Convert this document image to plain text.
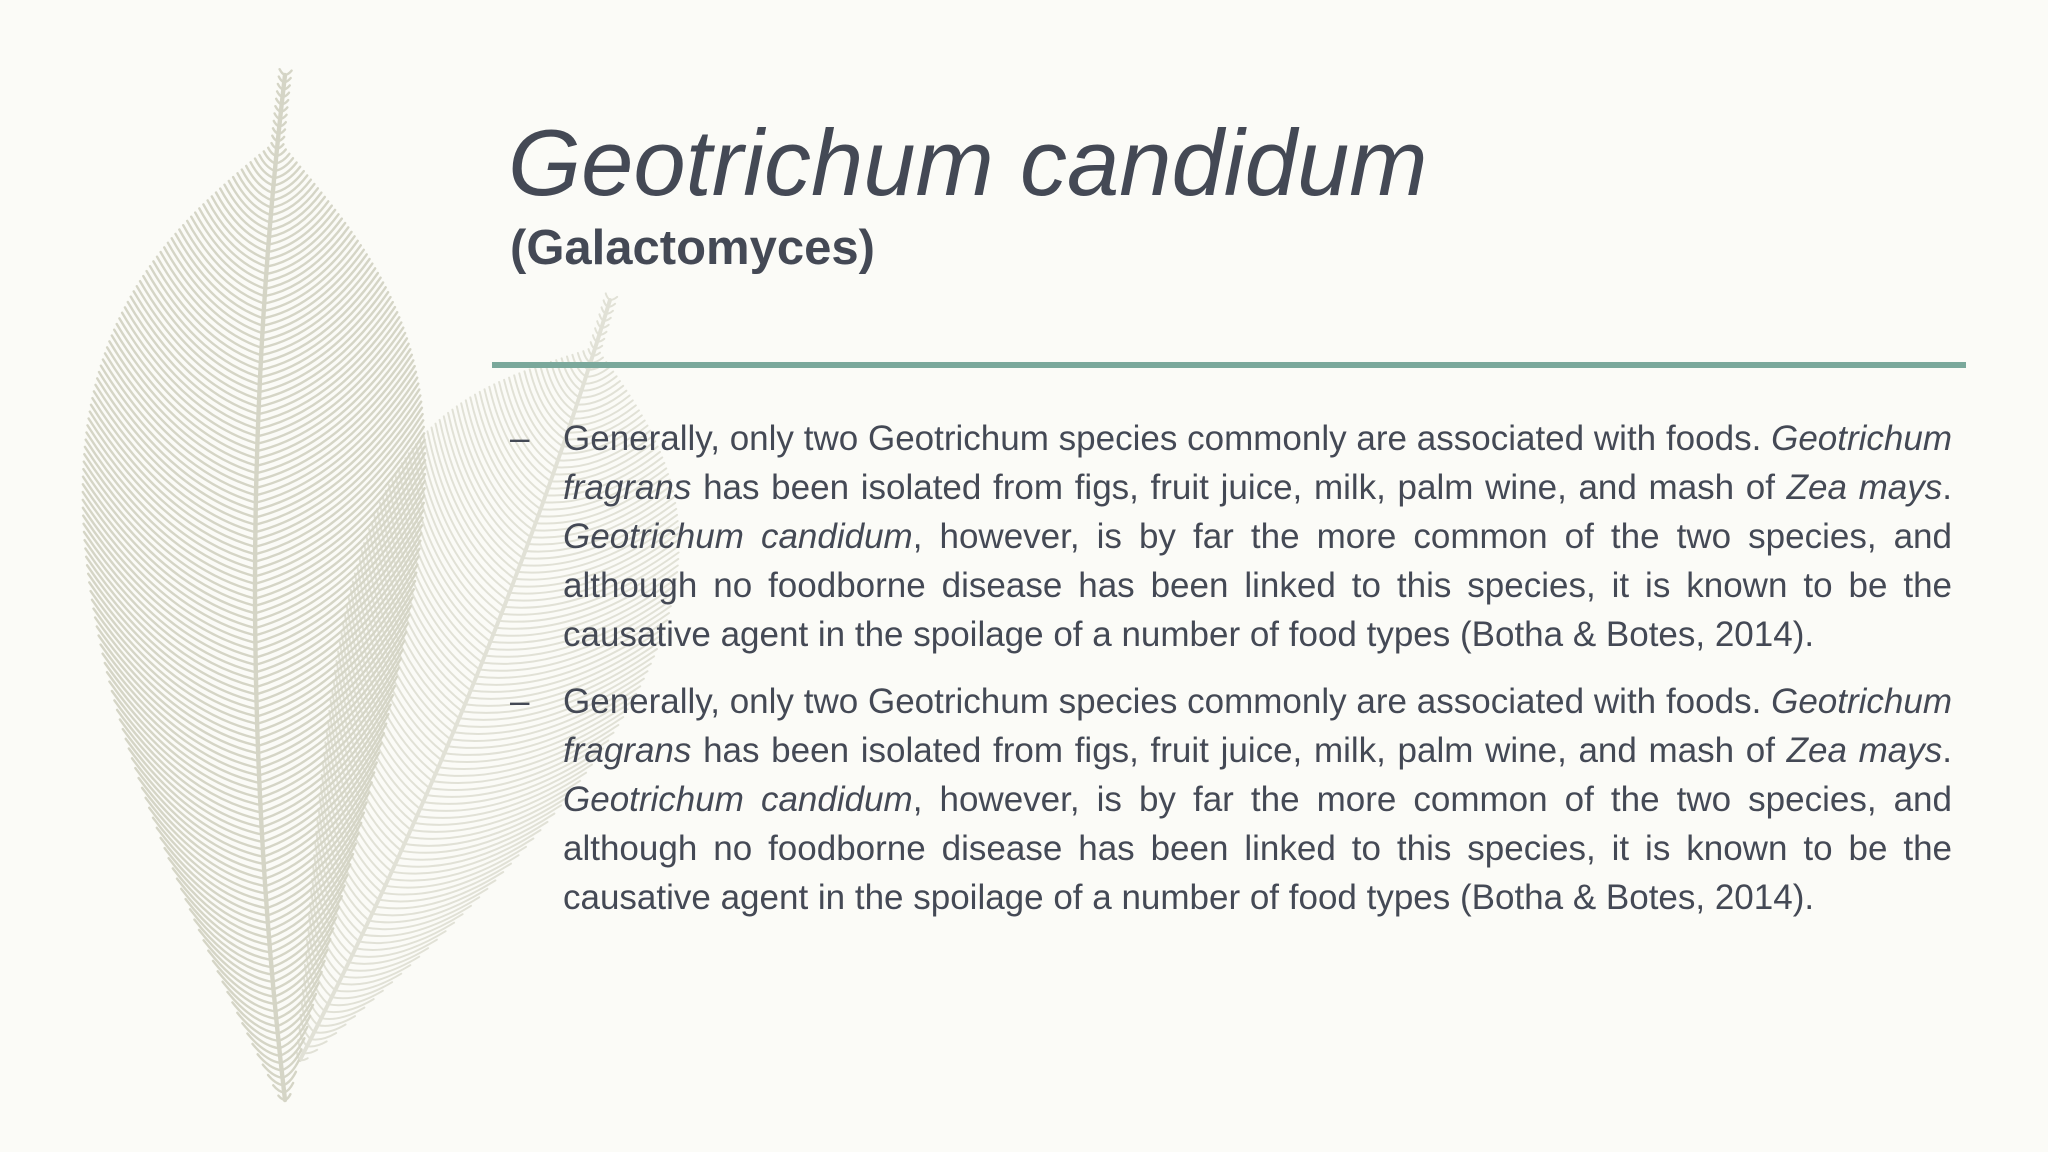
Geotrichum candidum
(Galactomyces)
– Generally, only two Geotrichum species commonly are associated with foods. Geotrichum fragrans has been isolated from figs, fruit juice, milk, palm wine, and mash of Zea mays. Geotrichum candidum, however, is by far the more common of the two species, and although no foodborne disease has been linked to this species, it is known to be the causative agent in the spoilage of a number of food types (Botha & Botes, 2014).
– Generally, only two Geotrichum species commonly are associated with foods. Geotrichum fragrans has been isolated from figs, fruit juice, milk, palm wine, and mash of Zea mays. Geotrichum candidum, however, is by far the more common of the two species, and although no foodborne disease has been linked to this species, it is known to be the causative agent in the spoilage of a number of food types (Botha & Botes, 2014).
